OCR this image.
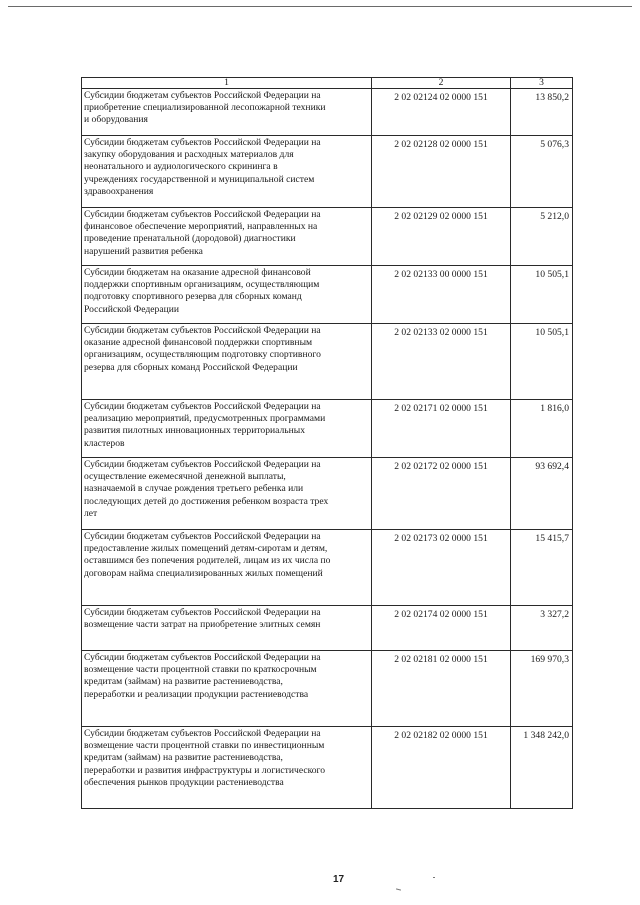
1	2	3

Субсидии бюджетам субъектов Российской Федерации на
приобретение специализированной лесопожарной техники
и оборудования	2 02 02124 02 0000 151	13 850,2

Субсидии бюджетам субъектов Российской Федерации на
закупку оборудования и расходных материалов для
неонатального и аудиологического скрининга в
учреждениях государственной и муниципальной систем
здравоохранения	2 02 02128 02 0000 151	5 076,3

Субсидии бюджетам субъектов Российской Федерации на
финансовое обеспечение мероприятий, направленных на
проведение пренатальной (дородовой) диагностики
нарушений развития ребенка	2 02 02129 02 0000 151	5 212,0

Субсидии бюджетам на оказание адресной финансовой
поддержки спортивным организациям, осуществляющим
подготовку спортивного резерва для сборных команд
Российской Федерации	2 02 02133 00 0000 151	10 505,1

Субсидии бюджетам субъектов Российской Федерации на
оказание адресной финансовой поддержки спортивным
организациям, осуществляющим подготовку спортивного
резерва для сборных команд Российской Федерации	2 02 02133 02 0000 151	10 505,1

Субсидии бюджетам субъектов Российской Федерации на
реализацию мероприятий, предусмотренных программами
развития пилотных инновационных территориальных
кластеров	2 02 02171 02 0000 151	1 816,0

Субсидии бюджетам субъектов Российской Федерации на
осуществление ежемесячной денежной выплаты,
назначаемой в случае рождения третьего ребенка или
последующих детей до достижения ребенком возраста трех
лет	2 02 02172 02 0000 151	93 692,4

Субсидии бюджетам субъектов Российской Федерации на
предоставление жилых помещений детям-сиротам и детям,
оставшимся без попечения родителей, лицам из их числа по
договорам найма специализированных жилых помещений	2 02 02173 02 0000 151	15 415,7

Субсидии бюджетам субъектов Российской Федерации на
возмещение части затрат на приобретение элитных семян	2 02 02174 02 0000 151	3 327,2

Субсидии бюджетам субъектов Российской Федерации на
возмещение части процентной ставки по краткосрочным
кредитам (займам) на развитие растениеводства,
переработки и реализации продукции растениеводства	2 02 02181 02 0000 151	169 970,3

Субсидии бюджетам субъектов Российской Федерации на
возмещение части процентной ставки по инвестиционным
кредитам (займам) на развитие растениеводства,
переработки и развития инфраструктуры и логистического
обеспечения рынков продукции растениеводства	2 02 02182 02 0000 151	1 348 242,0
17
